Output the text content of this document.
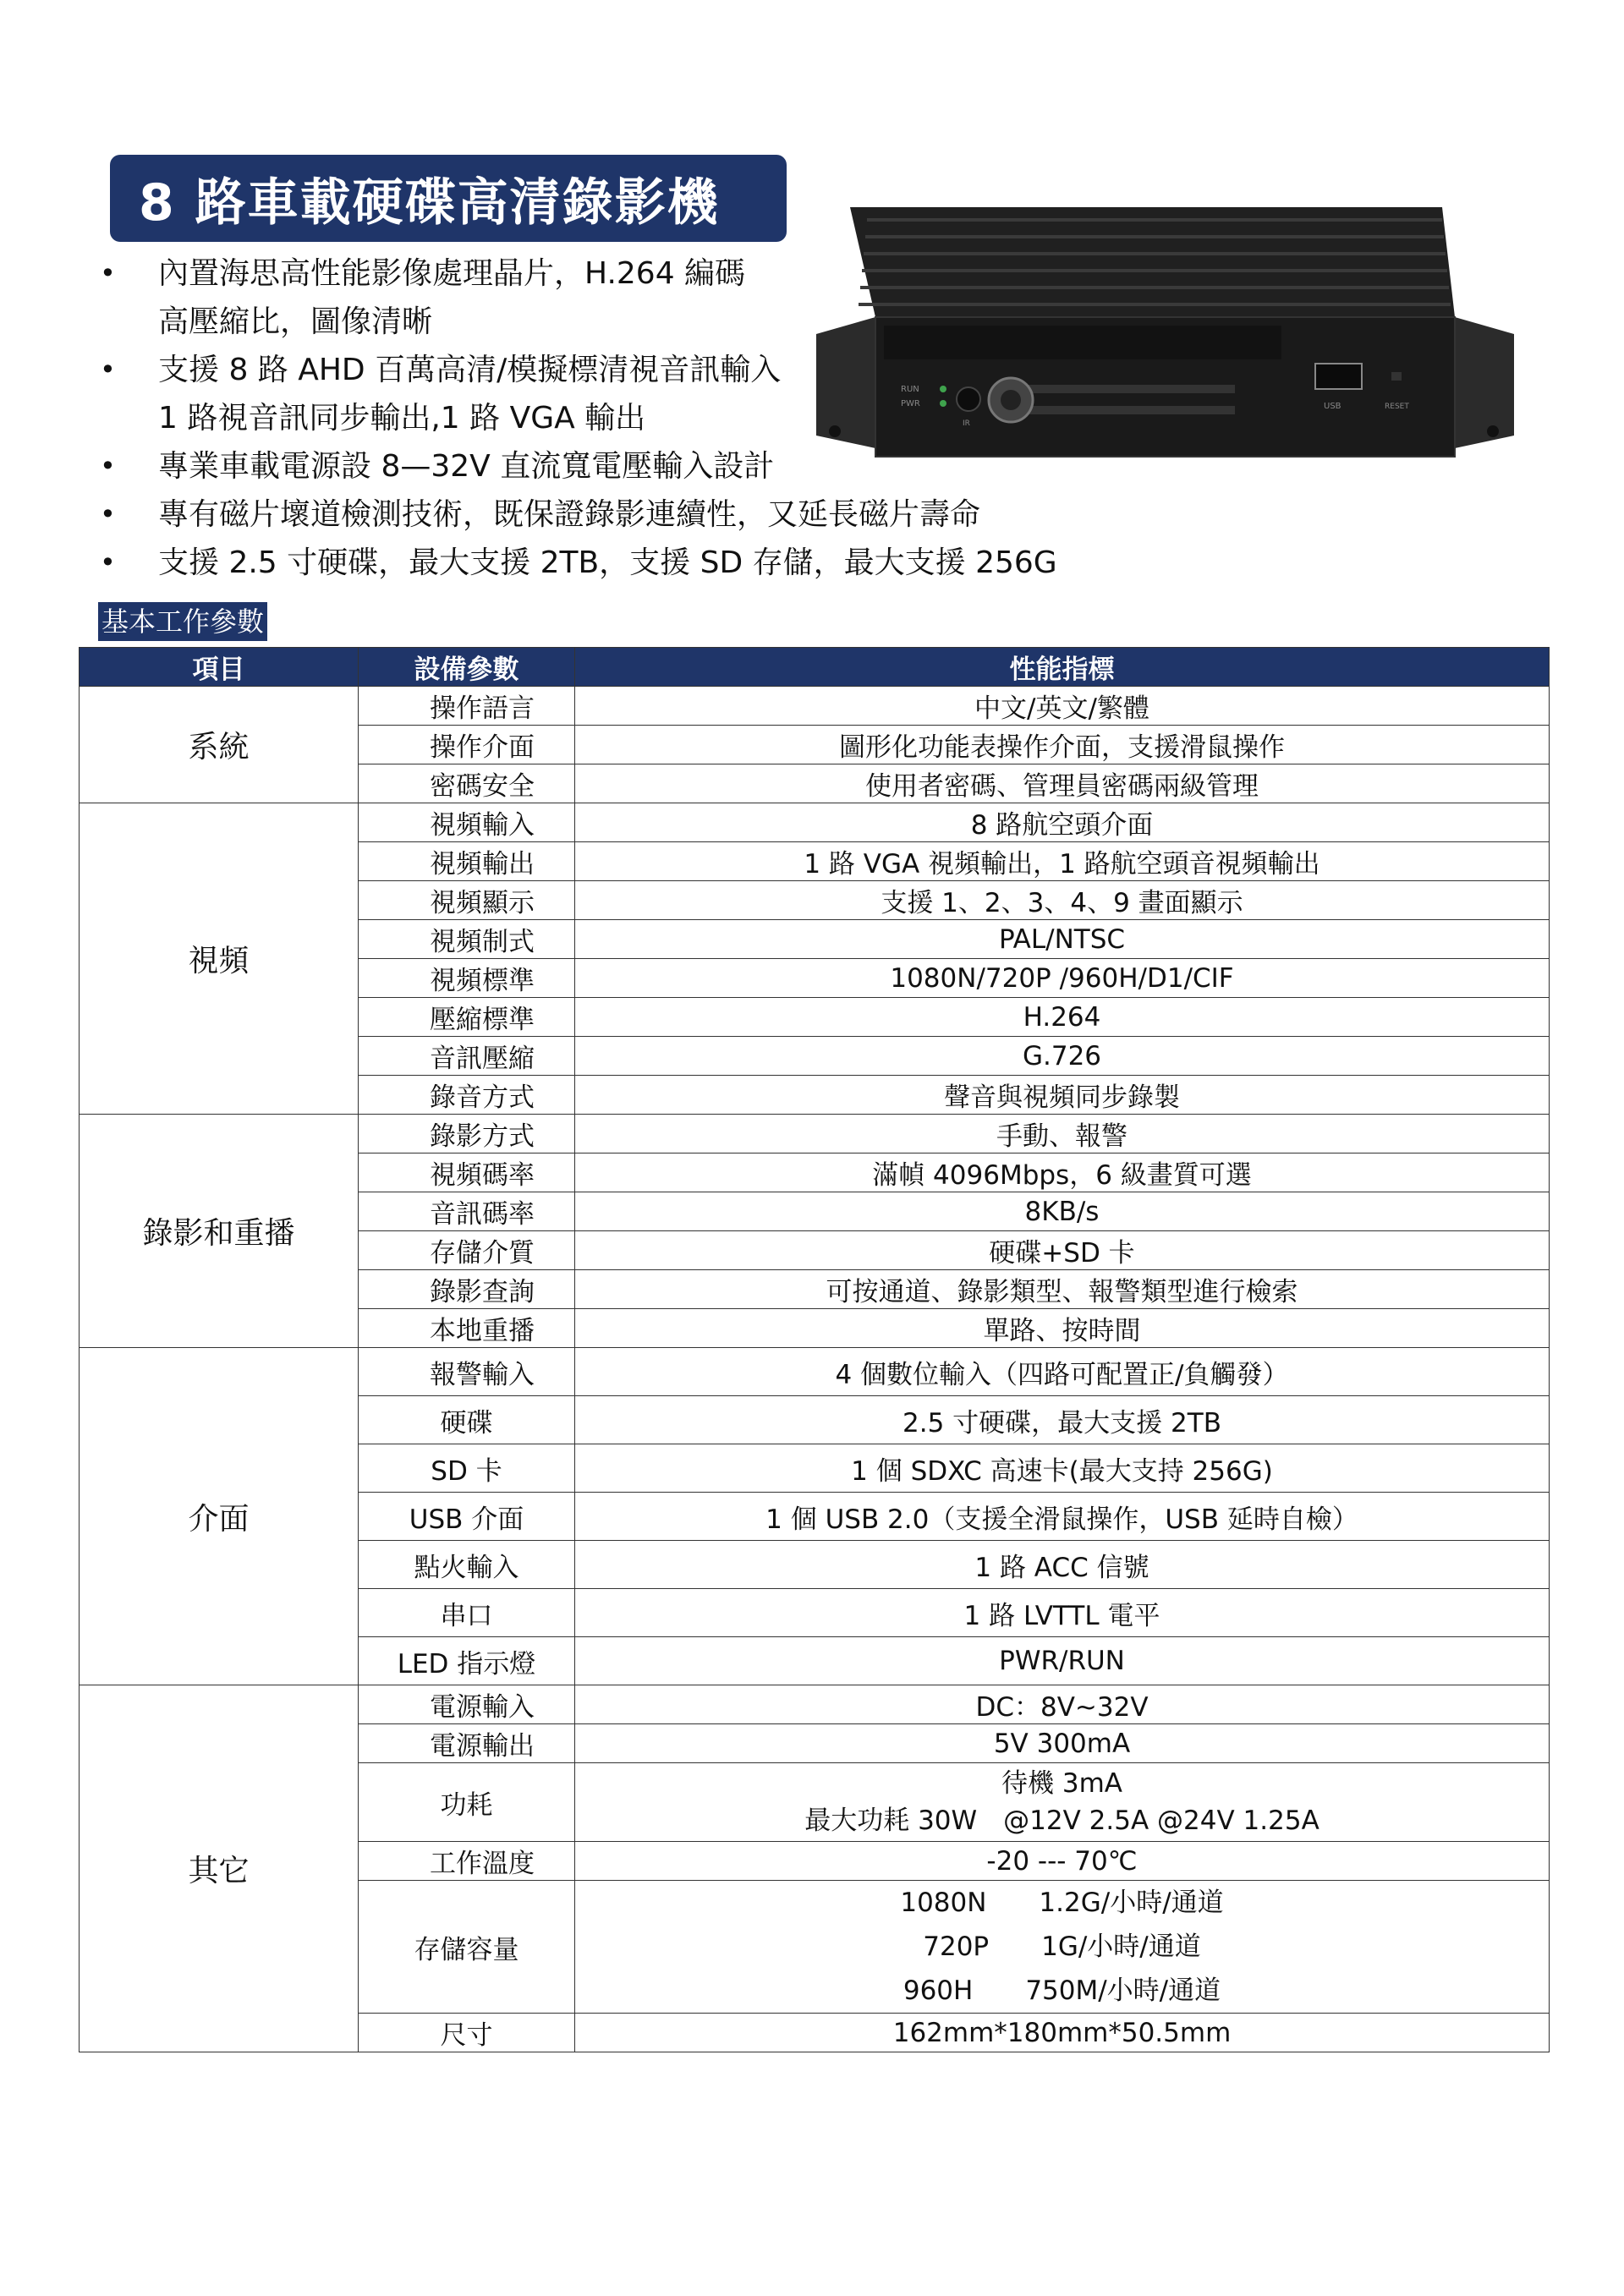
8 路車載硬碟高清錄影機
• 內置海思高性能影像處理晶片，H.264 編碼
高壓縮比，圖像清晰
• 支援 8 路 AHD 百萬高清/模擬標清視音訊輸入
1 路視音訊同步輸出,1 路 VGA 輸出
• 專業車載電源設 8—32V 直流寬電壓輸入設計
• 專有磁片壞道檢測技術，既保證錄影連續性，又延長磁片壽命
• 支援 2.5 寸硬碟，最大支援 2TB，支援 SD 存儲，最大支援 256G
RUN
PWR
IR
USB	RESET
基本工作參數
項目	設備參數	性能指標
系統	操作語言	中文/英文/繁體
	操作介面	圖形化功能表操作介面，支援滑鼠操作
	密碼安全	使用者密碼、管理員密碼兩級管理
視頻	視頻輸入	8 路航空頭介面
	視頻輸出	1 路 VGA 視頻輸出，1 路航空頭音視頻輸出
	視頻顯示	支援 1、2、3、4、9 畫面顯示
	視頻制式	PAL/NTSC
	視頻標準	1080N/720P /960H/D1/CIF
	壓縮標準	H.264
	音訊壓縮	G.726
	錄音方式	聲音與視頻同步錄製
錄影和重播	錄影方式	手動、報警
	視頻碼率	滿幀 4096Mbps，6 級畫質可選
	音訊碼率	8KB/s
	存儲介質	硬碟+SD 卡
	錄影查詢	可按通道、錄影類型、報警類型進行檢索
	本地重播	單路、按時間
介面	報警輸入	4 個數位輸入（四路可配置正/負觸發）
	硬碟	2.5 寸硬碟，最大支援 2TB
	SD 卡	1 個 SDXC 高速卡(最大支持 256G)
	USB 介面	1 個 USB 2.0（支援全滑鼠操作，USB 延時自檢）
	點火輸入	1 路 ACC 信號
	串口	1 路 LVTTL 電平
	LED 指示燈	PWR/RUN
其它	電源輸入	DC：8V~32V
	電源輸出	5V 300mA
	功耗	待機 3mA
最大功耗 30W　@12V 2.5A @24V 1.25A

	工作溫度	-20 --- 70℃
	存儲容量	1080N　　1.2G/小時/通道
720P　　1G/小時/通道
960H　　750M/小時/通道

	尺寸	162mm*180mm*50.5mm
